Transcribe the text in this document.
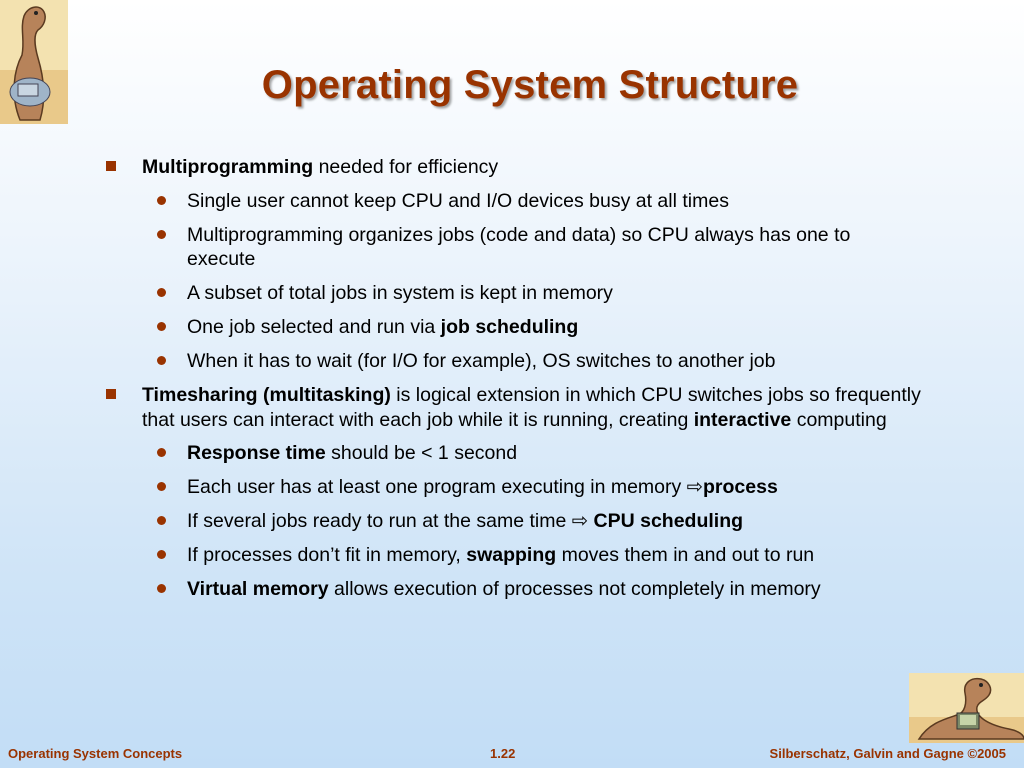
Operating System Structure
Multiprogramming needed for efficiency
Single user cannot keep CPU and I/O devices busy at all times
Multiprogramming organizes jobs (code and data) so CPU always has one to execute
A subset of total jobs in system is kept in memory
One job selected and run via job scheduling
When it has to wait (for I/O for example), OS switches to another job
Timesharing (multitasking) is logical extension in which CPU switches jobs so frequently that users can interact with each job while it is running, creating interactive computing
Response time should be < 1 second
Each user has at least one program executing in memory ⇨process
If several jobs ready to run at the same time ⇨ CPU scheduling
If processes don’t fit in memory, swapping moves them in and out to run
Virtual memory allows execution of processes not completely in memory
Operating System Concepts	1.22	Silberschatz, Galvin and Gagne ©2005
